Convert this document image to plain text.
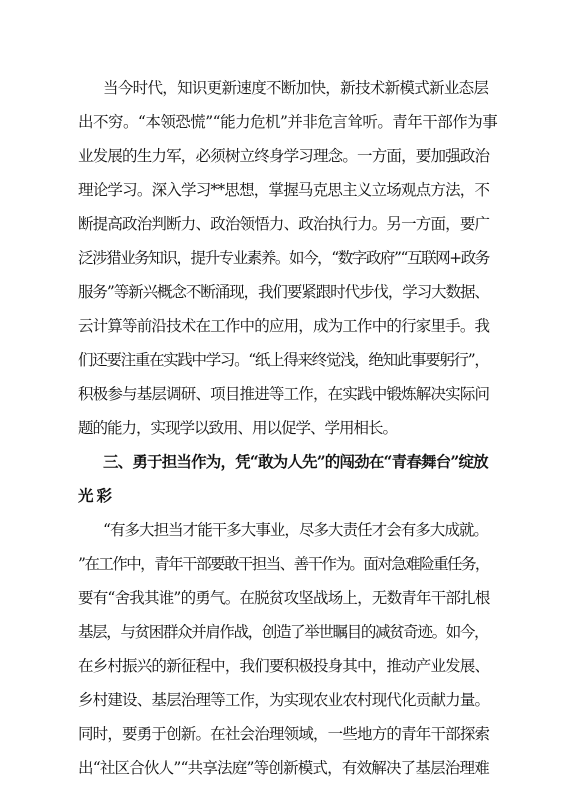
当今时代，知识更新速度不断加快，新技术新模式新业态层
出不穷。“本领恐慌”“能力危机”并非危言耸听。青年干部作为事
业发展的生力军，必须树立终身学习理念。一方面，要加强政治
理论学习。深入学习**思想，掌握马克思主义立场观点方法，不
断提高政治判断力、政治领悟力、政治执行力。另一方面，要广
泛涉猎业务知识，提升专业素养。如今，“数字政府”“互联网+政务
服务”等新兴概念不断涌现，我们要紧跟时代步伐，学习大数据、
云计算等前沿技术在工作中的应用，成为工作中的行家里手。我
们还要注重在实践中学习。“纸上得来终觉浅，绝知此事要躬行”，
积极参与基层调研、项目推进等工作，在实践中锻炼解决实际问
题的能力，实现学以致用、用以促学、学用相长。
三、勇于担当作为，凭“敢为人先”的闯劲在“青春舞台”绽放
光彩
“有多大担当才能干多大事业，尽多大责任才会有多大成就。
”在工作中，青年干部要敢干担当、善干作为。面对急难险重任务，
要有“舍我其谁”的勇气。在脱贫攻坚战场上，无数青年干部扎根
基层，与贫困群众并肩作战，创造了举世瞩目的减贫奇迹。如今，
在乡村振兴的新征程中，我们要积极投身其中，推动产业发展、
乡村建设、基层治理等工作，为实现农业农村现代化贡献力量。
同时，要勇于创新。在社会治理领域，一些地方的青年干部探索
出“社区合伙人”“共享法庭”等创新模式，有效解决了基层治理难
